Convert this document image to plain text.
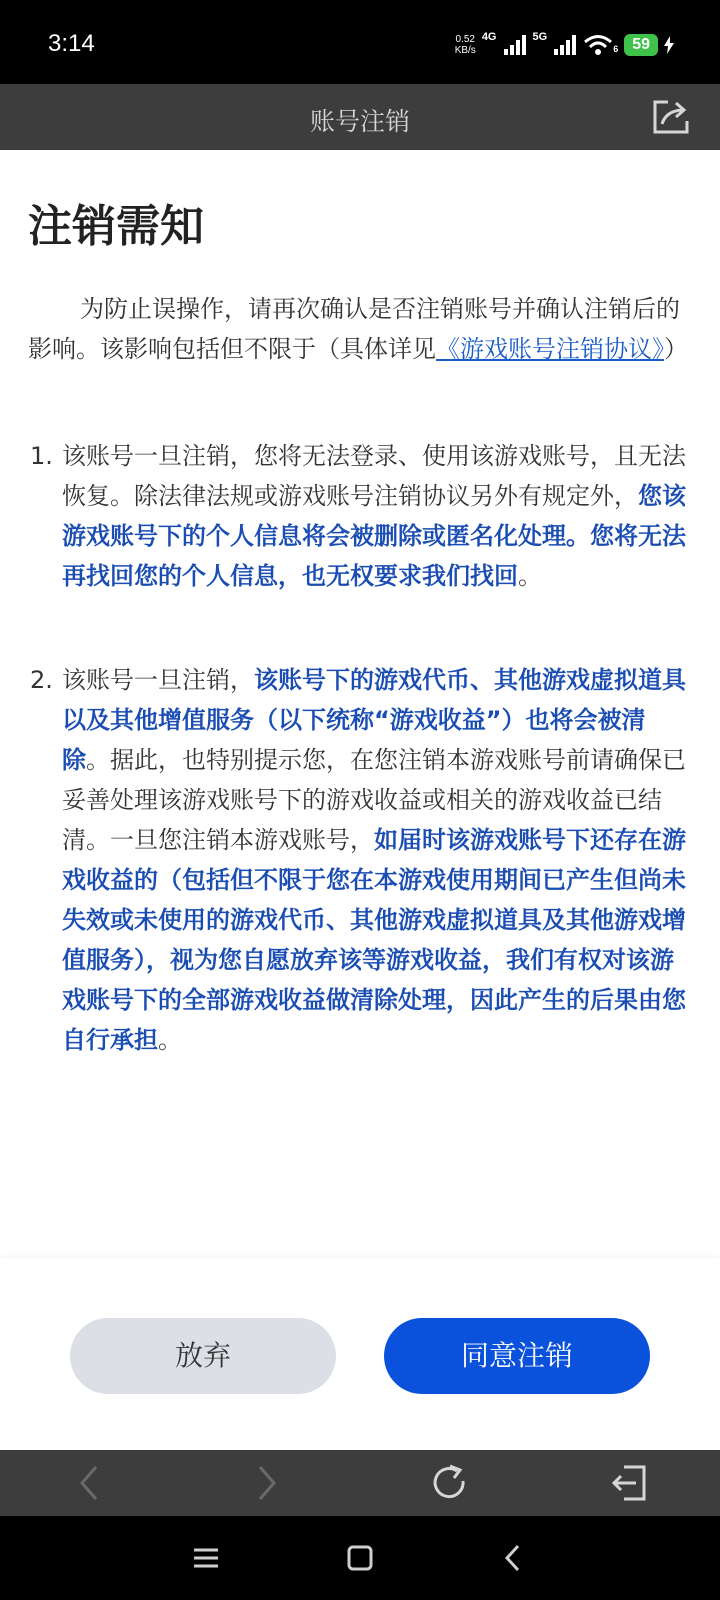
3:14	0.52
KB/s
4G	5G
6 59
账号注销
注销需知
为防止误操作，请再次确认是否注销账号并确认注销后的影响。该影响包括但不限于（具体详见《游戏账号注销协议》）
1. 该账号一旦注销，您将无法登录、使用该游戏账号，且无法恢复。除法律法规或游戏账号注销协议另外有规定外，您该游戏账号下的个人信息将会被删除或匿名化处理。您将无法再找回您的个人信息，也无权要求我们找回。
2. 该账号一旦注销，该账号下的游戏代币、其他游戏虚拟道具以及其他增值服务（以下统称“游戏收益”）也将会被清除。据此，也特别提示您，在您注销本游戏账号前请确保已妥善处理该游戏账号下的游戏收益或相关的游戏收益已结清。一旦您注销本游戏账号，如届时该游戏账号下还存在游戏收益的（包括但不限于您在本游戏使用期间已产生但尚未失效或未使用的游戏代币、其他游戏虚拟道具及其他游戏增值服务），视为您自愿放弃该等游戏收益，我们有权对该游戏账号下的全部游戏收益做清除处理，因此产生的后果由您自行承担。
放弃	同意注销
